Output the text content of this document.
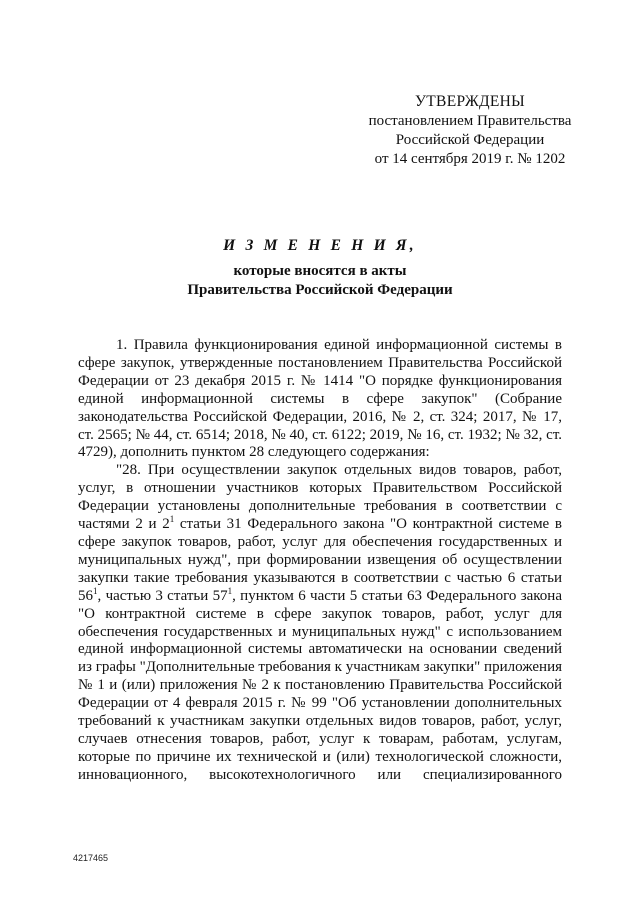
УТВЕРЖДЕНЫ
постановлением Правительства
Российской Федерации
от 14 сентября 2019 г. № 1202
И З М Е Н Е Н И Я,
которые вносятся в акты
Правительства Российской Федерации

1. Правила функционирования единой информационной системы в сфере закупок, утвержденные постановлением Правительства Российской Федерации от 23 декабря 2015 г. № 1414 "О порядке функционирования единой информационной системы в сфере закупок" (Собрание законодательства Российской Федерации, 2016, № 2, ст. 324; 2017, № 17, ст. 2565; № 44, ст. 6514; 2018, № 40, ст. 6122; 2019, № 16, ст. 1932; № 32, ст. 4729), дополнить пунктом 28 следующего содержания:

"28. При осуществлении закупок отдельных видов товаров, работ, услуг, в отношении участников которых Правительством Российской Федерации установлены дополнительные требования в соответствии с частями 2 и $2^1$ статьи 31 Федерального закона "О контрактной системе в сфере закупок товаров, работ, услуг для обеспечения государственных и муниципальных нужд", при формировании извещения об осуществлении закупки такие требования указываются в соответствии с частью 6 статьи $56^1$, частью 3 статьи $57^1$, пунктом 6 части 5 статьи 63 Федерального закона "О контрактной системе в сфере закупок товаров, работ, услуг для обеспечения государственных и муниципальных нужд" с использованием единой информационной системы автоматически на основании сведений из графы "Дополнительные требования к участникам закупки" приложения № 1 и (или) приложения № 2 к постановлению Правительства Российской Федерации от 4 февраля 2015 г. № 99 "Об установлении дополнительных требований к участникам закупки отдельных видов товаров, работ, услуг, случаев отнесения товаров, работ, услуг к товарам, работам, услугам, которые по причине их технической и (или) технологической сложности, инновационного, высокотехнологичного или специализированного

4217465
